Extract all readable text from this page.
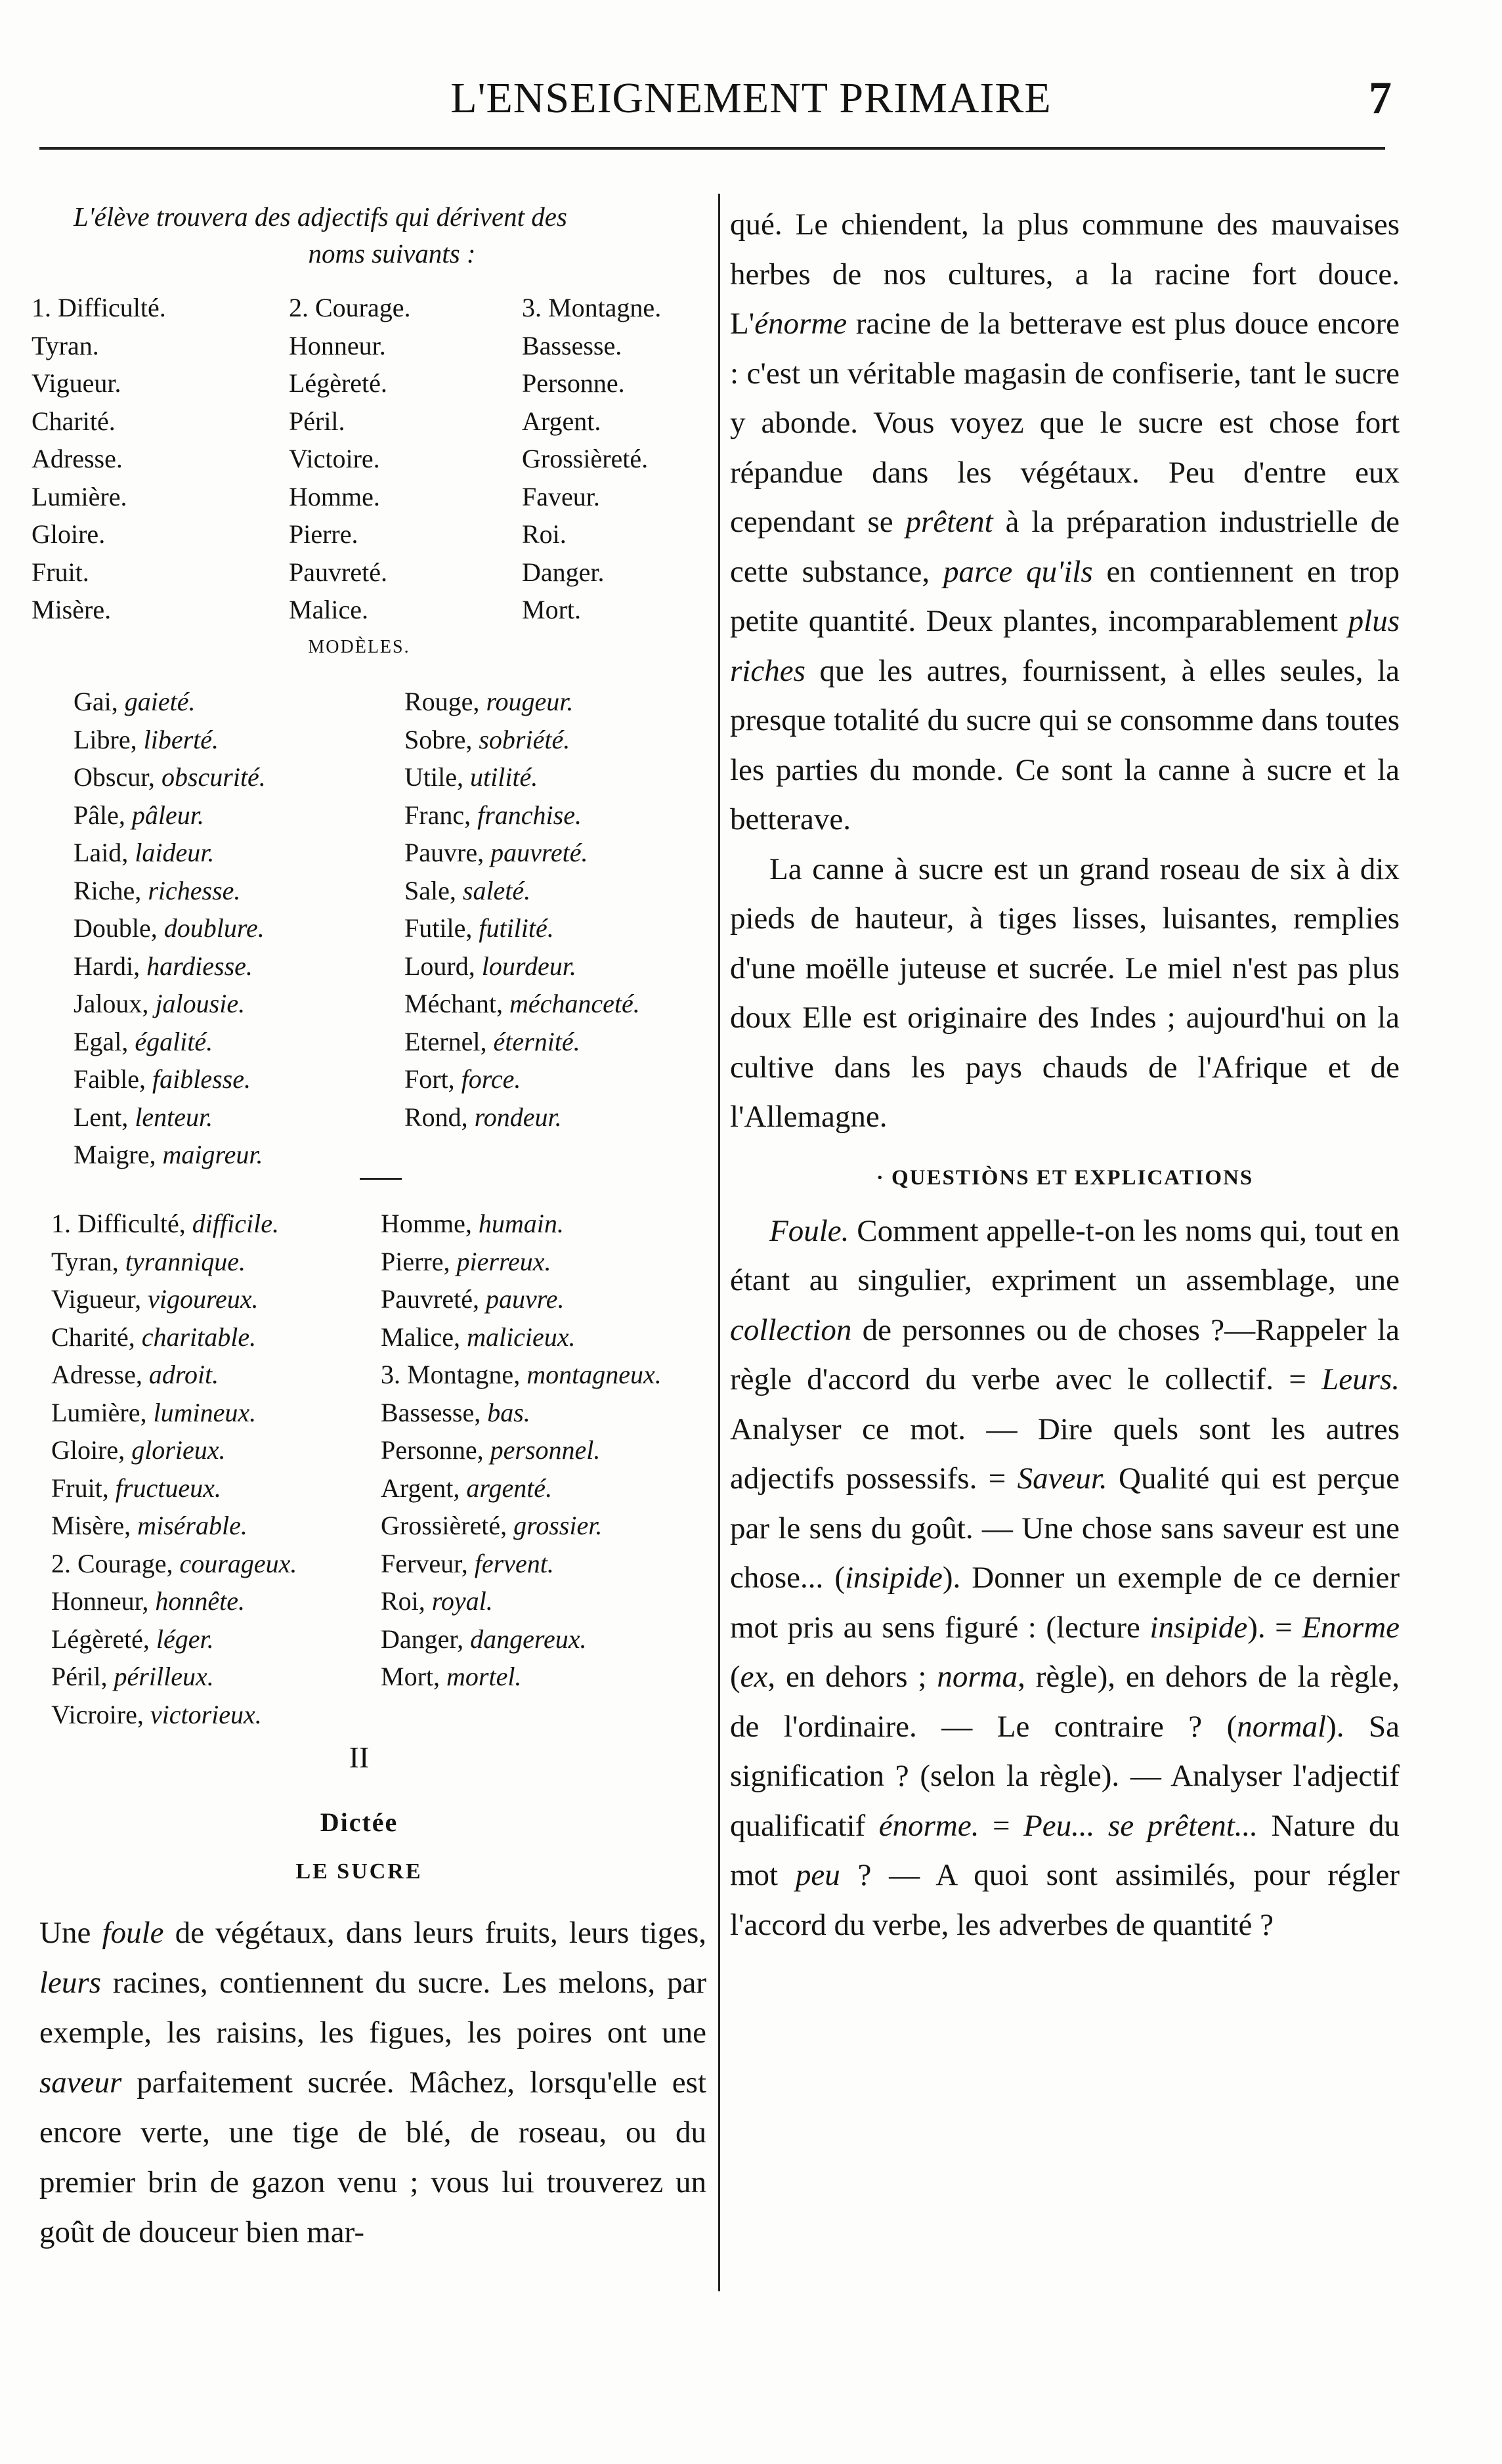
L'ENSEIGNEMENT PRIMAIRE	7
L'élève trouvera des adjectifs qui dérivent des
noms suivants :
1. Difficulté.
Tyran.
Vigueur.
Charité.
Adresse.
Lumière.
Gloire.
Fruit.
Misère.
2. Courage.
Honneur.
Légèreté.
Péril.
Victoire.
Homme.
Pierre.
Pauvreté.
Malice.
3. Montagne.
Bassesse.
Personne.
Argent.
Grossièreté.
Faveur.
Roi.
Danger.
Mort.
MODÈLES.
Gai, gaieté.
Libre, liberté.
Obscur, obscurité.
Pâle, pâleur.
Laid, laideur.
Riche, richesse.
Double, doublure.
Hardi, hardiesse.
Jaloux, jalousie.
Egal, égalité.
Faible, faiblesse.
Lent, lenteur.
Maigre, maigreur.
Rouge, rougeur.
Sobre, sobriété.
Utile, utilité.
Franc, franchise.
Pauvre, pauvreté.
Sale, saleté.
Futile, futilité.
Lourd, lourdeur.
Méchant, méchanceté.
Eternel, éternité.
Fort, force.
Rond, rondeur.
1. Difficulté, difficile.
Tyran, tyrannique.
Vigueur, vigoureux.
Charité, charitable.
Adresse, adroit.
Lumière, lumineux.
Gloire, glorieux.
Fruit, fructueux.
Misère, misérable.
2. Courage, courageux.
Honneur, honnête.
Légèreté, léger.
Péril, périlleux.
Vicroire, victorieux.
Homme, humain.
Pierre, pierreux.
Pauvreté, pauvre.
Malice, malicieux.
3. Montagne, montagneux.
Bassesse, bas.
Personne, personnel.
Argent, argenté.
Grossièreté, grossier.
Ferveur, fervent.
Roi, royal.
Danger, dangereux.
Mort, mortel.
II
Dictée
LE SUCRE
Une foule de végétaux, dans leurs fruits, leurs tiges, leurs racines, contiennent du sucre. Les melons, par exemple, les raisins, les figues, les poires ont une saveur parfaitement sucrée. Mâchez, lorsqu'elle est encore verte, une tige de blé, de roseau, ou du premier brin de gazon venu ; vous lui trouverez un goût de douceur bien mar-

qué. Le chiendent, la plus commune des mauvaises herbes de nos cultures, a la racine fort douce. L'énorme racine de la betterave est plus douce encore : c'est un véritable magasin de confiserie, tant le sucre y abonde. Vous voyez que le sucre est chose fort répandue dans les végétaux. Peu d'entre eux cependant se prêtent à la préparation industrielle de cette substance, parce qu'ils en contiennent en trop petite quantité. Deux plantes, incomparablement plus riches que les autres, fournissent, à elles seules, la presque totalité du sucre qui se consomme dans toutes les parties du monde. Ce sont la canne à sucre et la betterave.

La canne à sucre est un grand roseau de six à dix pieds de hauteur, à tiges lisses, luisantes, remplies d'une moëlle juteuse et sucrée. Le miel n'est pas plus doux Elle est originaire des Indes ; aujourd'hui on la cultive dans les pays chauds de l'Afrique et de l'Allemagne.

· QUESTIÒNS ET EXPLICATIONS

Foule. Comment appelle-t-on les noms qui, tout en étant au singulier, expriment un assemblage, une collection de personnes ou de choses ?—Rappeler la règle d'accord du verbe avec le collectif. = Leurs. Analyser ce mot. — Dire quels sont les autres adjectifs possessifs. = Saveur. Qualité qui est perçue par le sens du goût. — Une chose sans saveur est une chose... (insipide). Donner un exemple de ce dernier mot pris au sens figuré : (lecture insipide). = Enorme (ex, en dehors ; norma, règle), en dehors de la règle, de l'ordinaire. — Le contraire ? (normal). Sa signification ? (selon la règle). — Analyser l'adjectif qualificatif énorme. = Peu... se prêtent... Nature du mot peu ? — A quoi sont assimilés, pour régler l'accord du verbe, les adverbes de quantité ?
